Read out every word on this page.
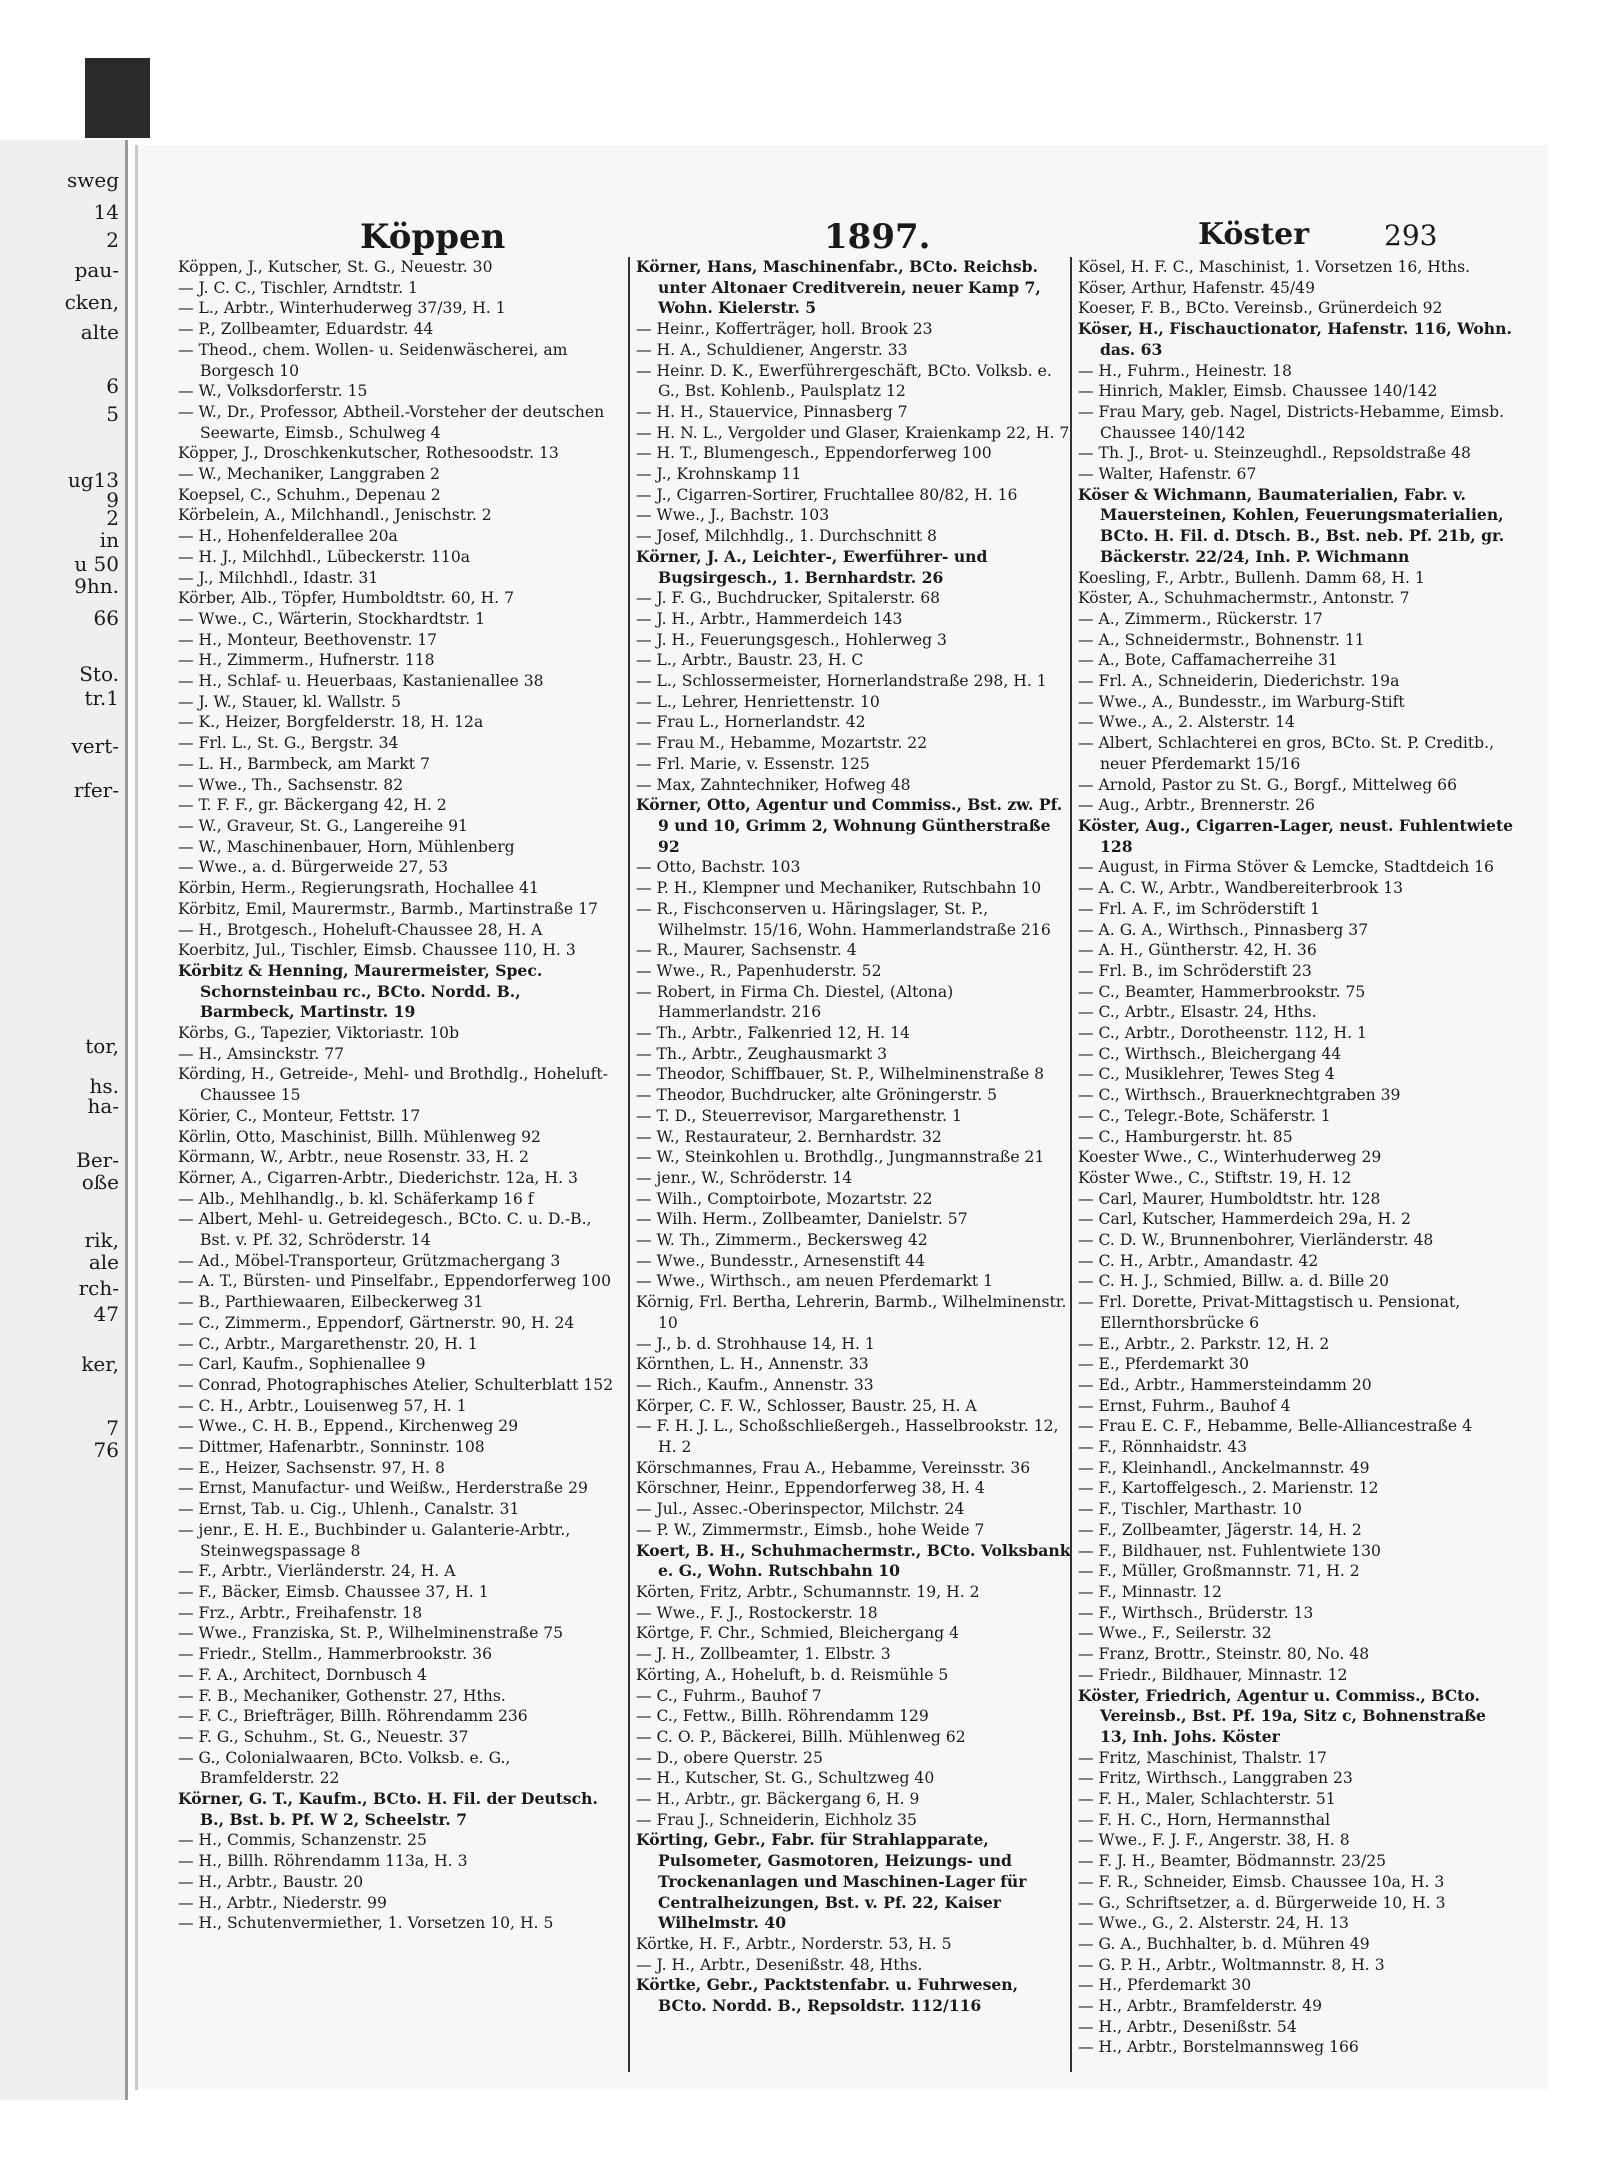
sweg
14
2
pau-
cken,
alte
6
5
ug13
9
2
in
u 50
9hn.
66
Sto.
tr.1
vert-
rfer-
tor,
hs.
ha-
Ber-
oße
rik,
ale
rch-
47
ker,
7
76
Köppen	1897.	Köster	293
Köppen, J., Kutscher, St. G., Neuestr. 30
— J. C. C., Tischler, Arndtstr. 1
— L., Arbtr., Winterhuderweg 37/39, H. 1
— P., Zollbeamter, Eduardstr. 44
— Theod., chem. Wollen- u. Seidenwäscherei, am Borgesch 10
— W., Volksdorferstr. 15
— W., Dr., Professor, Abtheil.-Vorsteher der deutschen Seewarte, Eimsb., Schulweg 4
Köpper, J., Droschkenkutscher, Rothesoodstr. 13
— W., Mechaniker, Langgraben 2
Koepsel, C., Schuhm., Depenau 2
Körbelein, A., Milchhandl., Jenischstr. 2
— H., Hohenfelderallee 20a
— H. J., Milchhdl., Lübeckerstr. 110a
— J., Milchhdl., Idastr. 31
Körber, Alb., Töpfer, Humboldtstr. 60, H. 7
— Wwe., C., Wärterin, Stockhardtstr. 1
— H., Monteur, Beethovenstr. 17
— H., Zimmerm., Hufnerstr. 118
— H., Schlaf- u. Heuerbaas, Kastanienallee 38
— J. W., Stauer, kl. Wallstr. 5
— K., Heizer, Borgfelderstr. 18, H. 12a
— Frl. L., St. G., Bergstr. 34
— L. H., Barmbeck, am Markt 7
— Wwe., Th., Sachsenstr. 82
— T. F. F., gr. Bäckergang 42, H. 2
— W., Graveur, St. G., Langereihe 91
— W., Maschinenbauer, Horn, Mühlenberg
— Wwe., a. d. Bürgerweide 27, 53
Körbin, Herm., Regierungsrath, Hochallee 41
Körbitz, Emil, Maurermstr., Barmb., Martinstraße 17
— H., Brotgesch., Hoheluft-Chaussee 28, H. A
Koerbitz, Jul., Tischler, Eimsb. Chaussee 110, H. 3
Körbitz & Henning, Maurermeister, Spec. Schornsteinbau rc., BCto. Nordd. B., Barmbeck, Martinstr. 19
Körbs, G., Tapezier, Viktoriastr. 10b
— H., Amsinckstr. 77
Körding, H., Getreide-, Mehl- und Brothdlg., Hoheluft-Chaussee 15
Körier, C., Monteur, Fettstr. 17
Körlin, Otto, Maschinist, Billh. Mühlenweg 92
Körmann, W., Arbtr., neue Rosenstr. 33, H. 2
Körner, A., Cigarren-Arbtr., Diederichstr. 12a, H. 3
— Alb., Mehlhandlg., b. kl. Schäferkamp 16 f
— Albert, Mehl- u. Getreidegesch., BCto. C. u. D.-B., Bst. v. Pf. 32, Schröderstr. 14
— Ad., Möbel-Transporteur, Grützmachergang 3
— A. T., Bürsten- und Pinselfabr., Eppendorferweg 100
— B., Parthiewaaren, Eilbeckerweg 31
— C., Zimmerm., Eppendorf, Gärtnerstr. 90, H. 24
— C., Arbtr., Margarethenstr. 20, H. 1
— Carl, Kaufm., Sophienallee 9
— Conrad, Photographisches Atelier, Schulterblatt 152
— C. H., Arbtr., Louisenweg 57, H. 1
— Wwe., C. H. B., Eppend., Kirchenweg 29
— Dittmer, Hafenarbtr., Sonninstr. 108
— E., Heizer, Sachsenstr. 97, H. 8
— Ernst, Manufactur- und Weißw., Herderstraße 29
— Ernst, Tab. u. Cig., Uhlenh., Canalstr. 31
— jenr., E. H. E., Buchbinder u. Galanterie-Arbtr., Steinwegspassage 8
— F., Arbtr., Vierländerstr. 24, H. A
— F., Bäcker, Eimsb. Chaussee 37, H. 1
— Frz., Arbtr., Freihafenstr. 18
— Wwe., Franziska, St. P., Wilhelminenstraße 75
— Friedr., Stellm., Hammerbrookstr. 36
— F. A., Architect, Dornbusch 4
— F. B., Mechaniker, Gothenstr. 27, Hths.
— F. C., Briefträger, Billh. Röhrendamm 236
— F. G., Schuhm., St. G., Neuestr. 37
— G., Colonialwaaren, BCto. Volksb. e. G., Bramfelderstr. 22
Körner, G. T., Kaufm., BCto. H. Fil. der Deutsch. B., Bst. b. Pf. W 2, Scheelstr. 7
— H., Commis, Schanzenstr. 25
— H., Billh. Röhrendamm 113a, H. 3
— H., Arbtr., Baustr. 20
— H., Arbtr., Niederstr. 99
— H., Schutenvermiether, 1. Vorsetzen 10, H. 5
Körner, Hans, Maschinenfabr., BCto. Reichsb. unter Altonaer Creditverein, neuer Kamp 7, Wohn. Kielerstr. 5
— Heinr., Kofferträger, holl. Brook 23
— H. A., Schuldiener, Angerstr. 33
— Heinr. D. K., Ewerführergeschäft, BCto. Volksb. e. G., Bst. Kohlenb., Paulsplatz 12
— H. H., Stauervice, Pinnasberg 7
— H. N. L., Vergolder und Glaser, Kraienkamp 22, H. 7
— H. T., Blumengesch., Eppendorferweg 100
— J., Krohnskamp 11
— J., Cigarren-Sortirer, Fruchtallee 80/82, H. 16
— Wwe., J., Bachstr. 103
— Josef, Milchhdlg., 1. Durchschnitt 8
Körner, J. A., Leichter-, Ewerführer- und Bugsirgesch., 1. Bernhardstr. 26
— J. F. G., Buchdrucker, Spitalerstr. 68
— J. H., Arbtr., Hammerdeich 143
— J. H., Feuerungsgesch., Hohlerweg 3
— L., Arbtr., Baustr. 23, H. C
— L., Schlossermeister, Hornerlandstraße 298, H. 1
— L., Lehrer, Henriettenstr. 10
— Frau L., Hornerlandstr. 42
— Frau M., Hebamme, Mozartstr. 22
— Frl. Marie, v. Essenstr. 125
— Max, Zahntechniker, Hofweg 48
Körner, Otto, Agentur und Commiss., Bst. zw. Pf. 9 und 10, Grimm 2, Wohnung Güntherstraße 92
— Otto, Bachstr. 103
— P. H., Klempner und Mechaniker, Rutschbahn 10
— R., Fischconserven u. Häringslager, St. P., Wilhelmstr. 15/16, Wohn. Hammerlandstraße 216
— R., Maurer, Sachsenstr. 4
— Wwe., R., Papenhuderstr. 52
— Robert, in Firma Ch. Diestel, (Altona) Hammerlandstr. 216
— Th., Arbtr., Falkenried 12, H. 14
— Th., Arbtr., Zeughausmarkt 3
— Theodor, Schiffbauer, St. P., Wilhelminenstraße 8
— Theodor, Buchdrucker, alte Gröningerstr. 5
— T. D., Steuerrevisor, Margarethenstr. 1
— W., Restaurateur, 2. Bernhardstr. 32
— W., Steinkohlen u. Brothdlg., Jungmannstraße 21
— jenr., W., Schröderstr. 14
— Wilh., Comptoirbote, Mozartstr. 22
— Wilh. Herm., Zollbeamter, Danielstr. 57
— W. Th., Zimmerm., Beckersweg 42
— Wwe., Bundesstr., Arnesenstift 44
— Wwe., Wirthsch., am neuen Pferdemarkt 1
Körnig, Frl. Bertha, Lehrerin, Barmb., Wilhelminenstr. 10
— J., b. d. Strohhause 14, H. 1
Körnthen, L. H., Annenstr. 33
— Rich., Kaufm., Annenstr. 33
Körper, C. F. W., Schlosser, Baustr. 25, H. A
— F. H. J. L., Schoßschließergeh., Hasselbrookstr. 12, H. 2
Körschmannes, Frau A., Hebamme, Vereinsstr. 36
Körschner, Heinr., Eppendorferweg 38, H. 4
— Jul., Assec.-Oberinspector, Milchstr. 24
— P. W., Zimmermstr., Eimsb., hohe Weide 7
Koert, B. H., Schuhmachermstr., BCto. Volksbank e. G., Wohn. Rutschbahn 10
Körten, Fritz, Arbtr., Schumannstr. 19, H. 2
— Wwe., F. J., Rostockerstr. 18
Körtge, F. Chr., Schmied, Bleichergang 4
— J. H., Zollbeamter, 1. Elbstr. 3
Körting, A., Hoheluft, b. d. Reismühle 5
— C., Fuhrm., Bauhof 7
— C., Fettw., Billh. Röhrendamm 129
— C. O. P., Bäckerei, Billh. Mühlenweg 62
— D., obere Querstr. 25
— H., Kutscher, St. G., Schultzweg 40
— H., Arbtr., gr. Bäckergang 6, H. 9
— Frau J., Schneiderin, Eichholz 35
Körting, Gebr., Fabr. für Strahlapparate, Pulsometer, Gasmotoren, Heizungs- und Trockenanlagen und Maschinen-Lager für Centralheizungen, Bst. v. Pf. 22, Kaiser Wilhelmstr. 40
Körtke, H. F., Arbtr., Norderstr. 53, H. 5
— J. H., Arbtr., Desenißstr. 48, Hths.
Körtke, Gebr., Packtstenfabr. u. Fuhrwesen, BCto. Nordd. B., Repsoldstr. 112/116
Kösel, H. F. C., Maschinist, 1. Vorsetzen 16, Hths.
Köser, Arthur, Hafenstr. 45/49
Koeser, F. B., BCto. Vereinsb., Grünerdeich 92
Köser, H., Fischauctionator, Hafenstr. 116, Wohn. das. 63
— H., Fuhrm., Heinestr. 18
— Hinrich, Makler, Eimsb. Chaussee 140/142
— Frau Mary, geb. Nagel, Districts-Hebamme, Eimsb. Chaussee 140/142
— Th. J., Brot- u. Steinzeughdl., Repsoldstraße 48
— Walter, Hafenstr. 67
Köser & Wichmann, Baumaterialien, Fabr. v. Mauersteinen, Kohlen, Feuerungsmaterialien, BCto. H. Fil. d. Dtsch. B., Bst. neb. Pf. 21b, gr. Bäckerstr. 22/24, Inh. P. Wichmann
Koesling, F., Arbtr., Bullenh. Damm 68, H. 1
Köster, A., Schuhmachermstr., Antonstr. 7
— A., Zimmerm., Rückerstr. 17
— A., Schneidermstr., Bohnenstr. 11
— A., Bote, Caffamacherreihe 31
— Frl. A., Schneiderin, Diederichstr. 19a
— Wwe., A., Bundesstr., im Warburg-Stift
— Wwe., A., 2. Alsterstr. 14
— Albert, Schlachterei en gros, BCto. St. P. Creditb., neuer Pferdemarkt 15/16
— Arnold, Pastor zu St. G., Borgf., Mittelweg 66
— Aug., Arbtr., Brennerstr. 26
Köster, Aug., Cigarren-Lager, neust. Fuhlentwiete 128
— August, in Firma Stöver & Lemcke, Stadtdeich 16
— A. C. W., Arbtr., Wandbereiterbrook 13
— Frl. A. F., im Schröderstift 1
— A. G. A., Wirthsch., Pinnasberg 37
— A. H., Güntherstr. 42, H. 36
— Frl. B., im Schröderstift 23
— C., Beamter, Hammerbrookstr. 75
— C., Arbtr., Elsastr. 24, Hths.
— C., Arbtr., Dorotheenstr. 112, H. 1
— C., Wirthsch., Bleichergang 44
— C., Musiklehrer, Tewes Steg 4
— C., Wirthsch., Brauerknechtgraben 39
— C., Telegr.-Bote, Schäferstr. 1
— C., Hamburgerstr. ht. 85
Koester Wwe., C., Winterhuderweg 29
Köster Wwe., C., Stiftstr. 19, H. 12
— Carl, Maurer, Humboldtstr. htr. 128
— Carl, Kutscher, Hammerdeich 29a, H. 2
— C. D. W., Brunnenbohrer, Vierländerstr. 48
— C. H., Arbtr., Amandastr. 42
— C. H. J., Schmied, Billw. a. d. Bille 20
— Frl. Dorette, Privat-Mittagstisch u. Pensionat, Ellernthorsbrücke 6
— E., Arbtr., 2. Parkstr. 12, H. 2
— E., Pferdemarkt 30
— Ed., Arbtr., Hammersteindamm 20
— Ernst, Fuhrm., Bauhof 4
— Frau E. C. F., Hebamme, Belle-Alliancestraße 4
— F., Rönnhaidstr. 43
— F., Kleinhandl., Anckelmannstr. 49
— F., Kartoffelgesch., 2. Marienstr. 12
— F., Tischler, Marthastr. 10
— F., Zollbeamter, Jägerstr. 14, H. 2
— F., Bildhauer, nst. Fuhlentwiete 130
— F., Müller, Großmannstr. 71, H. 2
— F., Minnastr. 12
— F., Wirthsch., Brüderstr. 13
— Wwe., F., Seilerstr. 32
— Franz, Brottr., Steinstr. 80, No. 48
— Friedr., Bildhauer, Minnastr. 12
Köster, Friedrich, Agentur u. Commiss., BCto. Vereinsb., Bst. Pf. 19a, Sitz c, Bohnenstraße 13, Inh. Johs. Köster
— Fritz, Maschinist, Thalstr. 17
— Fritz, Wirthsch., Langgraben 23
— F. H., Maler, Schlachterstr. 51
— F. H. C., Horn, Hermannsthal
— Wwe., F. J. F., Angerstr. 38, H. 8
— F. J. H., Beamter, Bödmannstr. 23/25
— F. R., Schneider, Eimsb. Chaussee 10a, H. 3
— G., Schriftsetzer, a. d. Bürgerweide 10, H. 3
— Wwe., G., 2. Alsterstr. 24, H. 13
— G. A., Buchhalter, b. d. Mühren 49
— G. P. H., Arbtr., Woltmannstr. 8, H. 3
— H., Pferdemarkt 30
— H., Arbtr., Bramfelderstr. 49
— H., Arbtr., Desenißstr. 54
— H., Arbtr., Borstelmannsweg 166
